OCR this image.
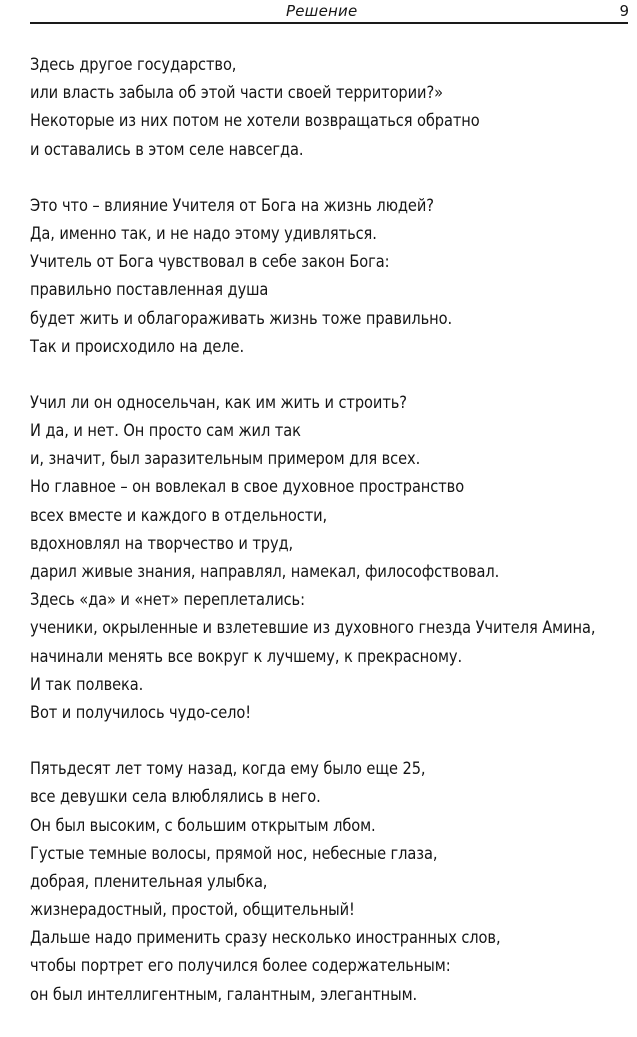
Решение	9
Здесь другое государство,
или власть забыла об этой части своей территории?»
Некоторые из них потом не хотели возвращаться обратно
и оставались в этом селе навсегда.
Это что – влияние Учителя от Бога на жизнь людей?
Да, именно так, и не надо этому удивляться.
Учитель от Бога чувствовал в себе закон Бога:
правильно поставленная душа
будет жить и облагораживать жизнь тоже правильно.
Так и происходило на деле.
Учил ли он односельчан, как им жить и строить?
И да, и нет. Он просто сам жил так
и, значит, был заразительным примером для всех.
Но главное – он вовлекал в свое духовное пространство
всех вместе и каждого в отдельности,
вдохновлял на творчество и труд,
дарил живые знания, направлял, намекал, философствовал.
Здесь «да» и «нет» переплетались:
ученики, окрыленные и взлетевшие из духовного гнезда Учителя Амина,
начинали менять все вокруг к лучшему, к прекрасному.
И так полвека.
Вот и получилось чудо-село!
Пятьдесят лет тому назад, когда ему было еще 25,
все девушки села влюблялись в него.
Он был высоким, с большим открытым лбом.
Густые темные волосы, прямой нос, небесные глаза,
добрая, пленительная улыбка,
жизнерадостный, простой, общительный!
Дальше надо применить сразу несколько иностранных слов,
чтобы портрет его получился более содержательным:
он был интеллигентным, галантным, элегантным.
